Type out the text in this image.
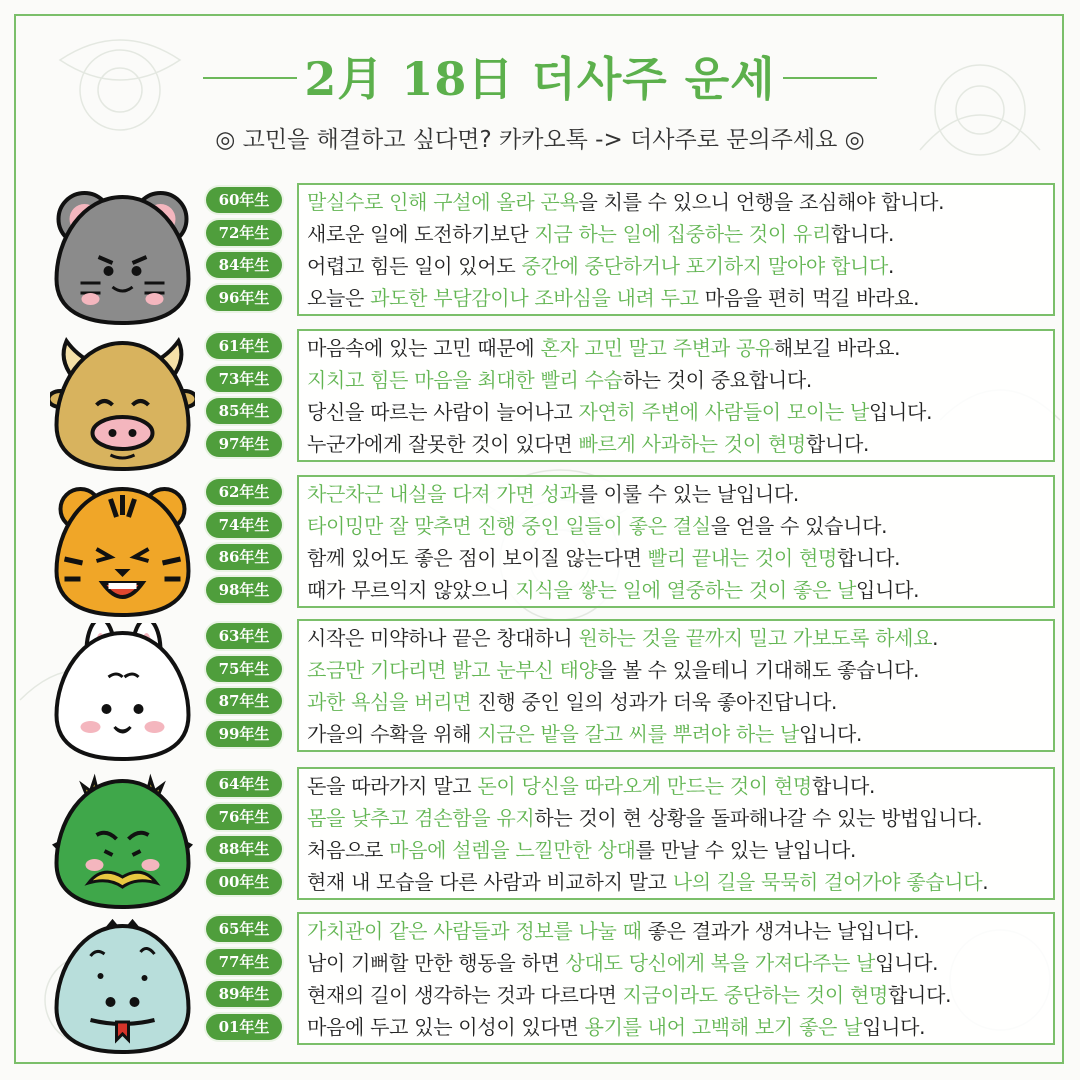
2月 18日 더사주 운세
◎ 고민을 해결하고 싶다면? 카카오톡 -> 더사주로 문의주세요 ◎
60年生
72年生
84年生
96年生
말실수로 인해 구설에 올라 곤욕을 치를 수 있으니 언행을 조심해야 합니다.
새로운 일에 도전하기보단 지금 하는 일에 집중하는 것이 유리합니다.
어렵고 힘든 일이 있어도 중간에 중단하거나 포기하지 말아야 합니다.
오늘은 과도한 부담감이나 조바심을 내려 두고 마음을 편히 먹길 바라요.
61年生
73年生
85年生
97年生
마음속에 있는 고민 때문에 혼자 고민 말고 주변과 공유해보길 바라요.
지치고 힘든 마음을 최대한 빨리 수습하는 것이 중요합니다.
당신을 따르는 사람이 늘어나고 자연히 주변에 사람들이 모이는 날입니다.
누군가에게 잘못한 것이 있다면 빠르게 사과하는 것이 현명합니다.
62年生
74年生
86年生
98年生
차근차근 내실을 다져 가면 성과를 이룰 수 있는 날입니다.
타이밍만 잘 맞추면 진행 중인 일들이 좋은 결실을 얻을 수 있습니다.
함께 있어도 좋은 점이 보이질 않는다면 빨리 끝내는 것이 현명합니다.
때가 무르익지 않았으니 지식을 쌓는 일에 열중하는 것이 좋은 날입니다.
63年生
75年生
87年生
99年生
시작은 미약하나 끝은 창대하니 원하는 것을 끝까지 밀고 가보도록 하세요.
조금만 기다리면 밝고 눈부신 태양을 볼 수 있을테니 기대해도 좋습니다.
과한 욕심을 버리면 진행 중인 일의 성과가 더욱 좋아진답니다.
가을의 수확을 위해 지금은 밭을 갈고 씨를 뿌려야 하는 날입니다.
64年生
76年生
88年生
00年生
돈을 따라가지 말고 돈이 당신을 따라오게 만드는 것이 현명합니다.
몸을 낮추고 겸손함을 유지하는 것이 현 상황을 돌파해나갈 수 있는 방법입니다.
처음으로 마음에 설렘을 느낄만한 상대를 만날 수 있는 날입니다.
현재 내 모습을 다른 사람과 비교하지 말고 나의 길을 묵묵히 걸어가야 좋습니다.
65年生
77年生
89年生
01年生
가치관이 같은 사람들과 정보를 나눌 때 좋은 결과가 생겨나는 날입니다.
남이 기뻐할 만한 행동을 하면 상대도 당신에게 복을 가져다주는 날입니다.
현재의 길이 생각하는 것과 다르다면 지금이라도 중단하는 것이 현명합니다.
마음에 두고 있는 이성이 있다면 용기를 내어 고백해 보기 좋은 날입니다.
